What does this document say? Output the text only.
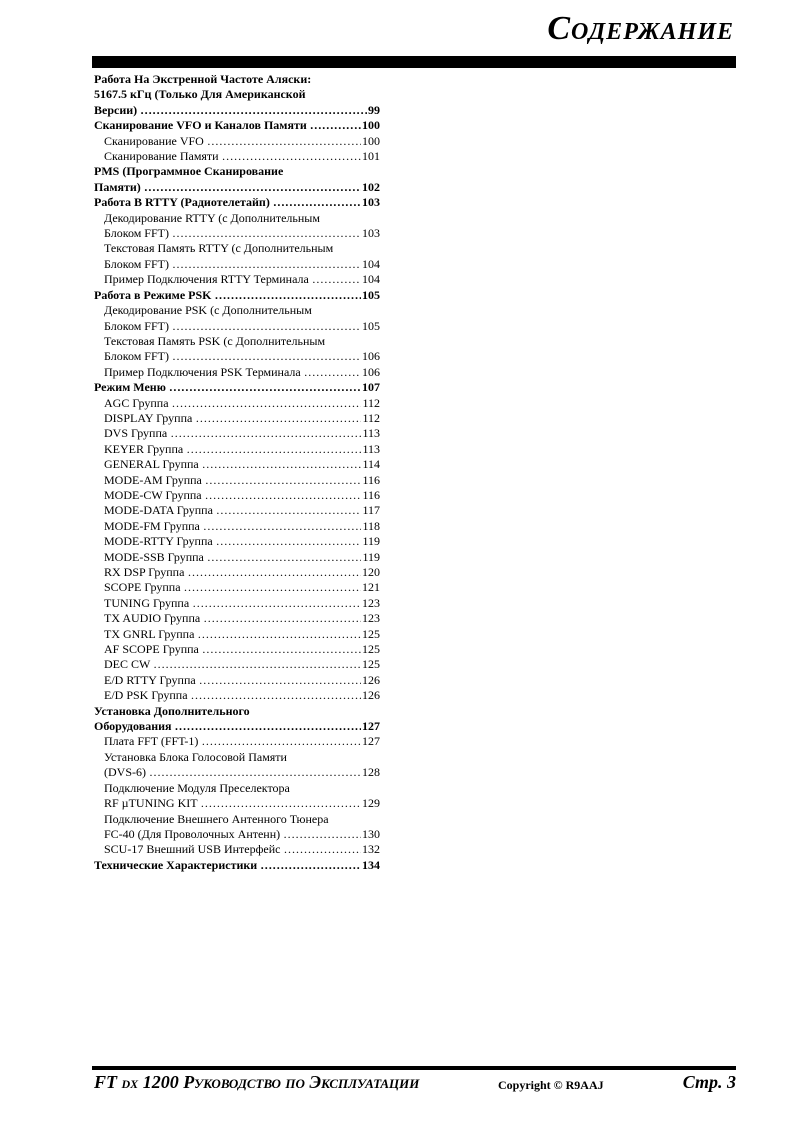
Содержание
Работа На Экстренной Частоте Аляски:
5167.5 кГц (Только Для Американской
Версии) ……………………………………………………………………………………	99
Сканирование VFO и Каналов Памяти ……………………………………………………………………………………	100
Сканирование VFO ……………………………………………………………………………………	100
Сканирование Памяти ……………………………………………………………………………………	101
PMS (Программное Сканирование
Памяти) ……………………………………………………………………………………	102
Работа В RTTY (Радиотелетайп) ……………………………………………………………………………………	103
Декодирование RTTY (с Дополнительным
Блоком FFT) ……………………………………………………………………………………	103
Текстовая Память RTTY (с Дополнительным
Блоком FFT) ……………………………………………………………………………………	104
Пример Подключения RTTY Терминала ……………………………………………………………………………………	104
Работа в Режиме PSK ……………………………………………………………………………………	105
Декодирование PSK (с Дополнительным
Блоком FFT) ……………………………………………………………………………………	105
Текстовая Память PSK (с Дополнительным
Блоком FFT) ……………………………………………………………………………………	106
Пример Подключения PSK Терминала ……………………………………………………………………………………	106
Режим Меню ……………………………………………………………………………………	107
AGC Группа ……………………………………………………………………………………	112
DISPLAY Группа ……………………………………………………………………………………	112
DVS Группа ……………………………………………………………………………………	113
KEYER Группа ……………………………………………………………………………………	113
GENERAL Группа ……………………………………………………………………………………	114
MODE-AM Группа ……………………………………………………………………………………	116
MODE-CW Группа ……………………………………………………………………………………	116
MODE-DATA Группа ……………………………………………………………………………………	117
MODE-FM Группа ……………………………………………………………………………………	118
MODE-RTTY Группа ……………………………………………………………………………………	119
MODE-SSB Группа ……………………………………………………………………………………	119
RX DSP Группа ……………………………………………………………………………………	120
SCOPE Группа ……………………………………………………………………………………	121
TUNING Группа ……………………………………………………………………………………	123
TX AUDIO Группа ……………………………………………………………………………………	123
TX GNRL Группа ……………………………………………………………………………………	125
AF SCOPE Группа ……………………………………………………………………………………	125
DEC CW ……………………………………………………………………………………	125
E/D RTTY Группа ……………………………………………………………………………………	126
E/D PSK Группа ……………………………………………………………………………………	126
Установка Дополнительного
Оборудования ……………………………………………………………………………………	127
Плата FFT (FFT-1) ……………………………………………………………………………………	127
Установка Блока Голосовой Памяти
(DVS-6) ……………………………………………………………………………………	128
Подключение Модуля Преселектора
RF µTUNING KIT ……………………………………………………………………………………	129
Подключение Внешнего Антенного Тюнера
FC-40 (Для Проволочных Антенн) ……………………………………………………………………………………	130
SCU-17 Внешний USB Интерфейс ……………………………………………………………………………………	132
Технические Характеристики ……………………………………………………………………………………	134
FT DX 1200 Руководство по Эксплуатации	Copyright © R9AAJ	Стр. 3
